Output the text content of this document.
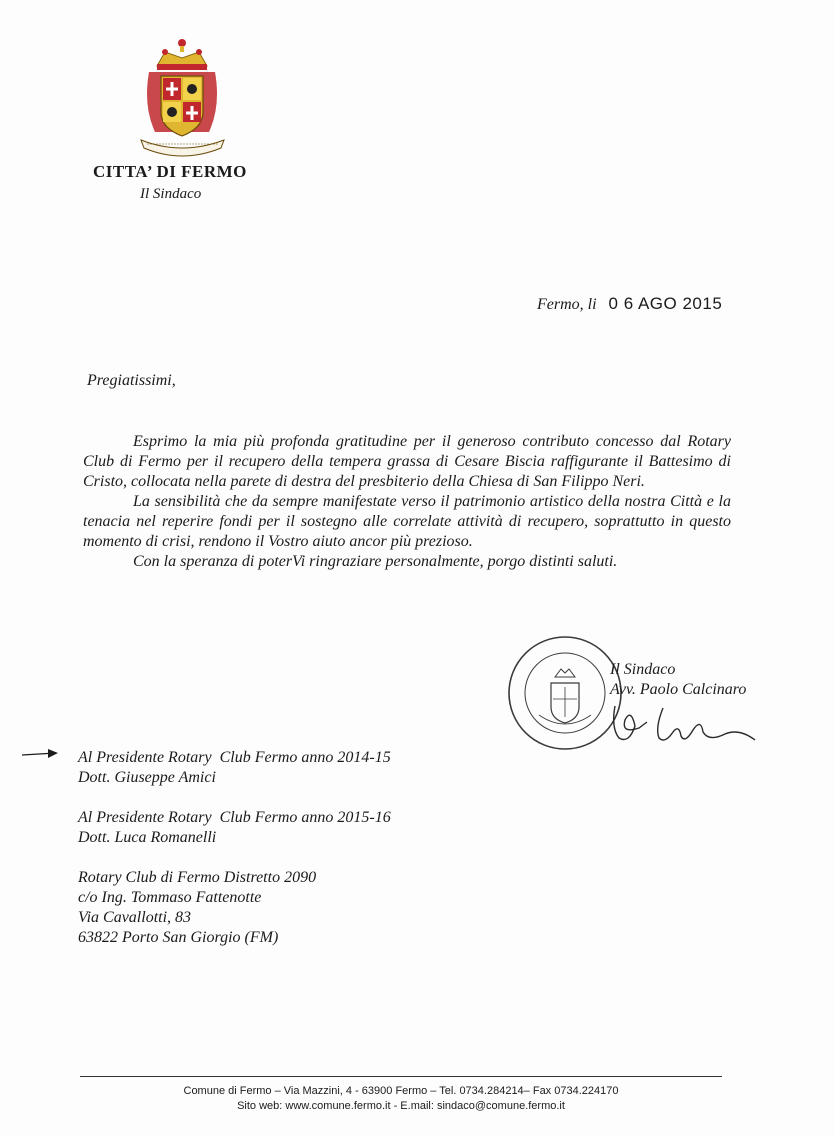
CITTA’ DI FERMO
Il Sindaco
Fermo, li 0 6 AGO 2015
Pregiatissimi,

Esprimo la mia più profonda gratitudine per il generoso contributo concesso dal Rotary Club di Fermo per il recupero della tempera grassa di Cesare Biscia raffigurante il Battesimo di Cristo, collocata nella parete di destra del presbiterio della Chiesa di San Filippo Neri.

La sensibilità che da sempre manifestate verso il patrimonio artistico della nostra Città e la tenacia nel reperire fondi per il sostegno alle correlate attività di recupero, soprattutto in questo momento di crisi, rendono il Vostro aiuto ancor più prezioso.

Con la speranza di poterVi ringraziare personalmente, porgo distinti saluti.

Il Sindaco
Avv. Paolo Calcinaro
Al Presidente Rotary  Club Fermo anno 2014-15
Dott. Giuseppe Amici
Al Presidente Rotary  Club Fermo anno 2015-16
Dott. Luca Romanelli
Rotary Club di Fermo Distretto 2090
c/o Ing. Tommaso Fattenotte
Via Cavallotti, 83
63822 Porto San Giorgio (FM)
Comune di Fermo – Via Mazzini, 4 - 63900 Fermo – Tel. 0734.284214– Fax 0734.224170
Sito web: www.comune.fermo.it - E.mail: sindaco@comune.fermo.it
